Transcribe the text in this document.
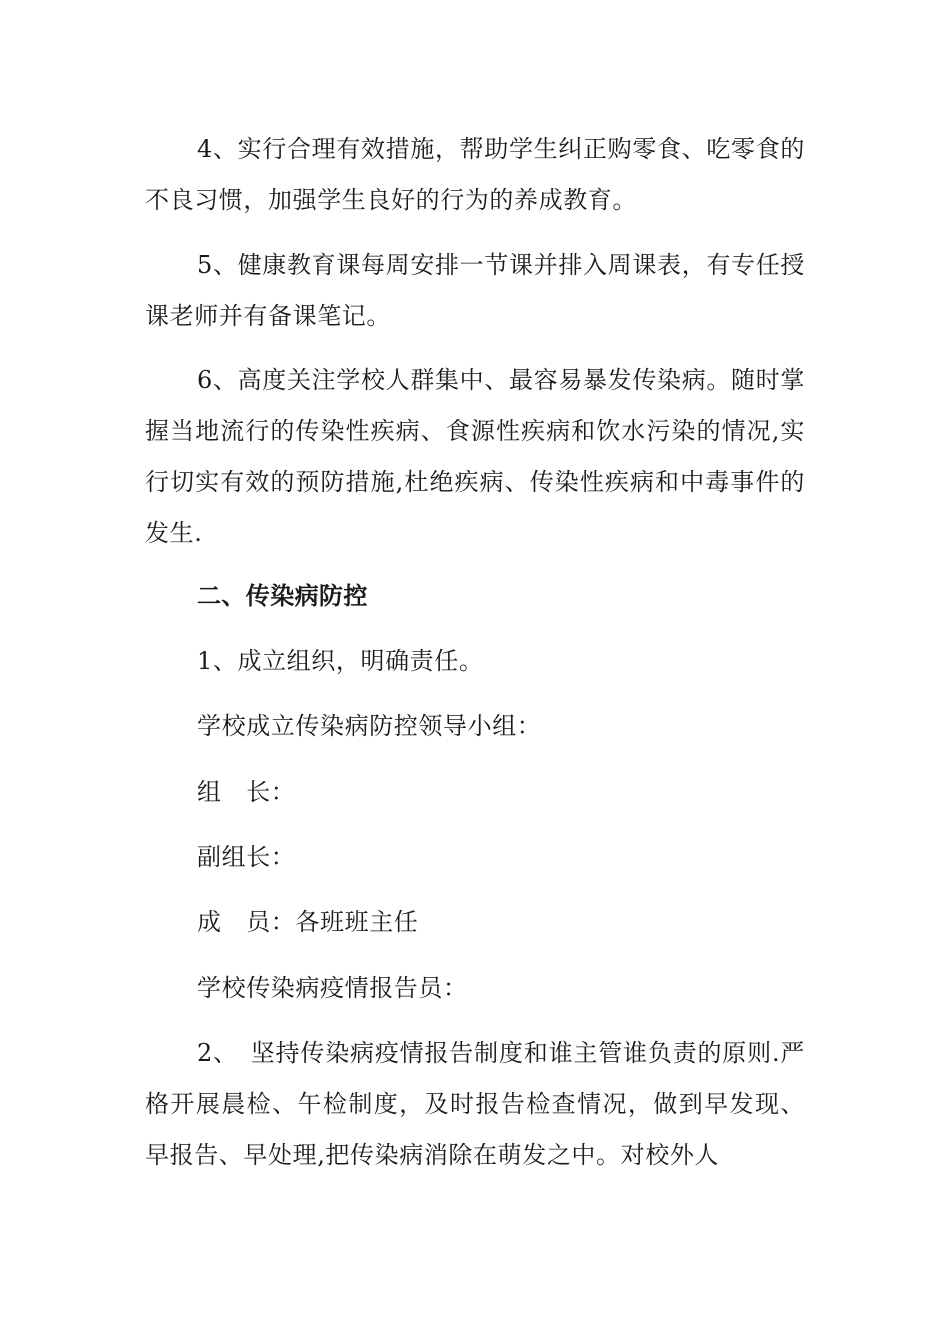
4、实行合理有效措施，帮助学生纠正购零食、吃零食的不良习惯，加强学生良好的行为的养成教育。

5、健康教育课每周安排一节课并排入周课表，有专任授课老师并有备课笔记。

6、高度关注学校人群集中、最容易暴发传染病。随时掌握当地流行的传染性疾病、食源性疾病和饮水污染的情况,实行切实有效的预防措施,杜绝疾病、传染性疾病和中毒事件的发生.

二、传染病防控

1、成立组织，明确责任。

学校成立传染病防控领导小组：

组　长：

副组长：

成　员：各班班主任

学校传染病疫情报告员：

2、　坚持传染病疫情报告制度和谁主管谁负责的原则.严格开展晨检、午检制度，及时报告检查情况，做到早发现、早报告、早处理,把传染病消除在萌发之中。对校外人
